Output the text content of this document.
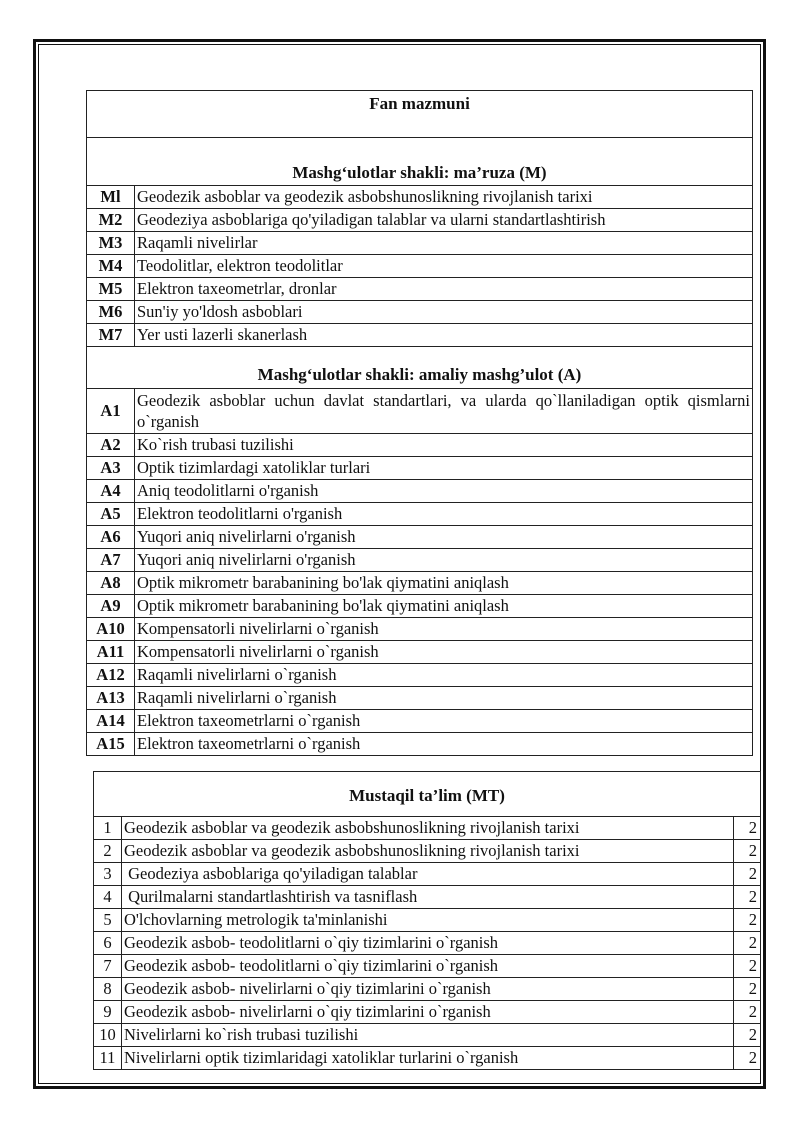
Fan mazmuni	
Mashg‘ulotlar shakli: ma’ruza (M)	
Ml	Geodezik asboblar va geodezik asbobshunoslikning rivojlanish tarixi
M2	Geodeziya asboblariga qo'yiladigan talablar va ularni standartlashtirish
M3	Raqamli nivelirlar
M4	Teodolitlar, elektron teodolitlar
M5	Elektron taxeometrlar, dronlar
M6	Sun'iy yo'ldosh asboblari
M7	Yer usti lazerli skanerlash
Mashg‘ulotlar shakli: amaliy mashg’ulot (A)	
A1	Geodezik asboblar uchun davlat standartlari, va ularda qo`llaniladigan optik qismlarni o`rganish
A2	Ko`rish trubasi tuzilishi
A3	Optik tizimlardagi xatoliklar turlari
A4	Aniq teodolitlarni o'rganish
A5	Elektron teodolitlarni o'rganish
A6	Yuqori aniq nivelirlarni o'rganish
A7	Yuqori aniq nivelirlarni o'rganish
A8	Optik mikrometr barabanining bo'lak qiymatini aniqlash
A9	Optik mikrometr barabanining bo'lak qiymatini aniqlash
A10	Kompensatorli nivelirlarni o`rganish
A11	Kompensatorli nivelirlarni o`rganish
A12	Raqamli nivelirlarni o`rganish
A13	Raqamli nivelirlarni o`rganish
A14	Elektron taxeometrlarni o`rganish
A15	Elektron taxeometrlarni o`rganish
Mustaqil ta’lim (MT)		
1	Geodezik asboblar va geodezik asbobshunoslikning rivojlanish tarixi	2
2	Geodezik asboblar va geodezik asbobshunoslikning rivojlanish tarixi	2
3	Geodeziya asboblariga qo'yiladigan talablar	2
4	Qurilmalarni standartlashtirish va tasniflash	2
5	O'lchovlarning metrologik ta'minlanishi	2
6	Geodezik asbob- teodolitlarni o`qiy tizimlarini o`rganish	2
7	Geodezik asbob- teodolitlarni o`qiy tizimlarini o`rganish	2
8	Geodezik asbob- nivelirlarni o`qiy tizimlarini o`rganish	2
9	Geodezik asbob- nivelirlarni o`qiy tizimlarini o`rganish	2
10	Nivelirlarni ko`rish trubasi tuzilishi	2
11	Nivelirlarni optik tizimlaridagi xatoliklar turlarini o`rganish	2
